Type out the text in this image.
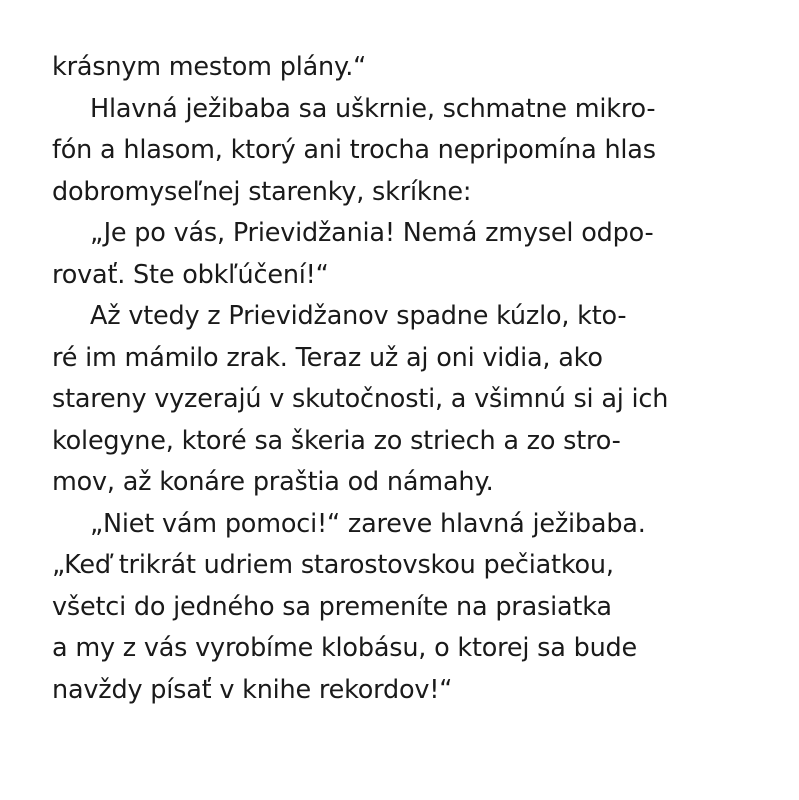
krásnym mestom plány.“
Hlavná ježibaba sa uškrnie, schmatne mikro-
fón a hlasom, ktorý ani trocha nepripomína hlas
dobromyseľnej starenky, skríkne:
„Je po vás, Prievidžania! Nemá zmysel odpo-
rovať. Ste obkľúčení!“
Až vtedy z Prievidžanov spadne kúzlo, kto-
ré im mámilo zrak. Teraz už aj oni vidia, ako
stareny vyzerajú v skutočnosti, a všimnú si aj ich
kolegyne, ktoré sa škeria zo striech a zo stro-
mov, až konáre praštia od námahy.
„Niet vám pomoci!“ zareve hlavná ježibaba.
„Keď trikrát udriem starostovskou pečiatkou,
všetci do jedného sa premeníte na prasiatka
a my z vás vyrobíme klobásu, o ktorej sa bude
navždy písať v knihe rekordov!“
